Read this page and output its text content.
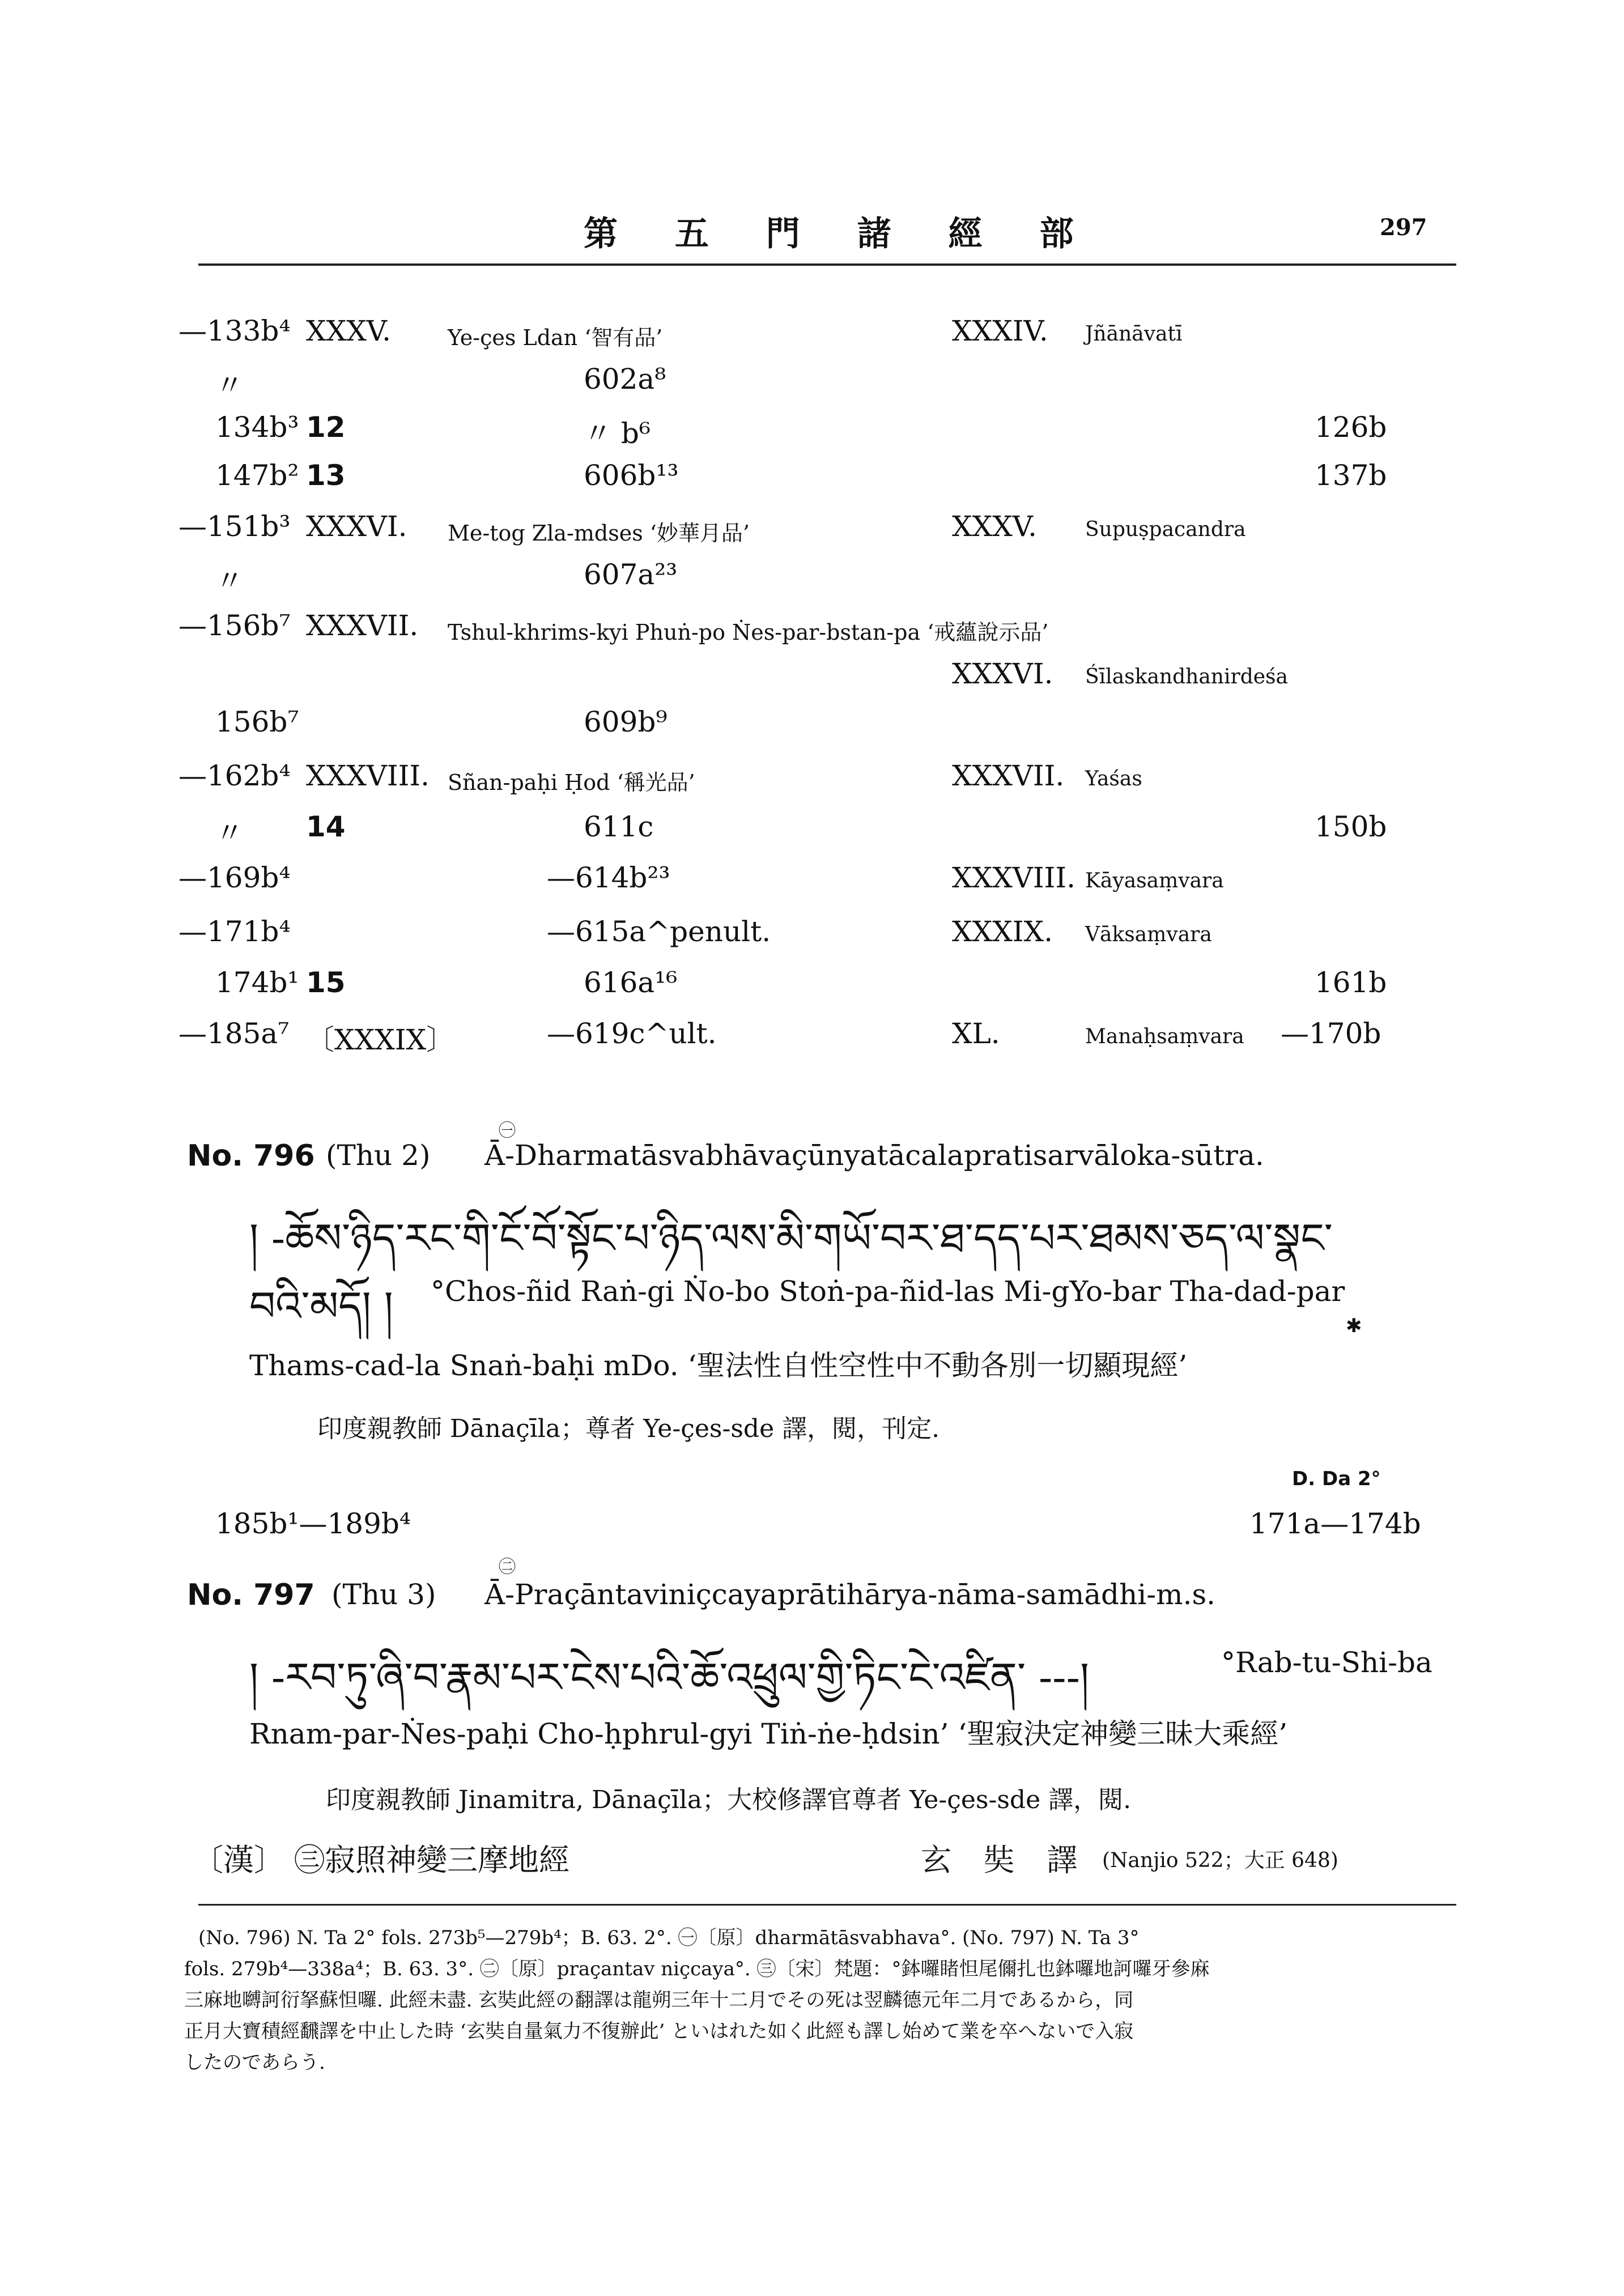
第 五 門 諸 經 部	297
—133b⁴ XXXV.	Ye-çes Ldan ‘智有品’	XXXIV. Jñānāvatī
〃	602a⁸
134b³ 12	〃 b⁶	126b
147b² 13	606b¹³	137b
—151b³ XXXVI. Me-tog Zla-mdses ‘妙華月品’	XXXV. Supuṣpacandra
〃	607a²³
—156b⁷ XXXVII. Tshul-khrims-kyi Phuṅ-po Ṅes-par-bstan-pa ‘戒蘊說示品’
XXXVI. Śīlaskandhanirdeśa
156b⁷	609b⁹
—162b⁴ XXXVIII. Sñan-paḥi Ḥod ‘稱光品’	XXXVII. Yaśas
〃 14	611c	150b
—169b⁴	—614b²³	XXXVIII. Kāyasaṃvara
—171b⁴	—615a^penult.	XXXIX. Vāksaṃvara
174b¹ 15	616a¹⁶	161b
—185a⁷ 〔XXXIX〕	—619c^ult.	XL.	Manaḥsaṃvara —170b
㊀
No. 796 (Thu 2) Ā-Dharmatāsvabhāvaçūnyatācalapratisarvāloka-sūtra.
། -ཆོས་ཉིད་རང་གི་ངོ་བོ་སྟོང་པ་ཉིད་ལས་མི་གཡོ་བར་ཐ་དད་པར་ཐམས་ཅད་ལ་སྣང་
བའི་མདོ། ། °Chos-ñid Raṅ-gi Ṅo-bo Stoṅ-pa-ñid-las Mi-gYo-bar Tha-dad-par
✱
Thams-cad-la Snaṅ-baḥi mDo. ‘聖法性自性空性中不動各別一切顯現經’
印度親教師 Dānaçīla；尊者 Ye-çes-sde 譯，閱，刊定.
D. Da 2°
185b¹—189b⁴	171a—174b
㊁
No. 797 (Thu 3) Ā-Praçāntaviniçcayaprātihārya-nāma-samādhi-m.s.
། -རབ་ཏུ་ཞི་བ་རྣམ་པར་ངེས་པའི་ཆོ་འཕྲུལ་གྱི་ཏིང་ངེ་འཛིན་ ---།	°Rab-tu-Shi-ba
Rnam-par-Ṅes-paḥi Cho-ḥphrul-gyi Tiṅ-ṅe-ḥdsin’ ‘聖寂決定神變三昧大乘經’
印度親教師 Jinamitra, Dānaçīla；大校修譯官尊者 Ye-çes-sde 譯，閱.
〔漢〕 ㊂寂照神變三摩地經	玄 奘 譯 (Nanjio 522；大正 648)
(No. 796) N. Ta 2° fols. 273b⁵—279b⁴；B. 63. 2°. ㊀〔原〕dharmātāsvabhava°. (No. 797) N. Ta 3°
fols. 279b⁴—338a⁴；B. 63. 3°. ㊁〔原〕praçantav niçcaya°. ㊂〔宋〕梵題：°鉢囉睹怛尾儞扎也鉢囉地訶囉牙參麻
三麻地嚩訶衍拏蘇怛囉. 此經未盡. 玄奘此經の翻譯は龍朔三年十二月でその死は翌麟德元年二月であるから，同
正月大寶積經飜譯を中止した時 ‘玄奘自量氣力不復辦此’ といはれた如く此經も譯し始めて業を卒へないで入寂
したのであらう.
